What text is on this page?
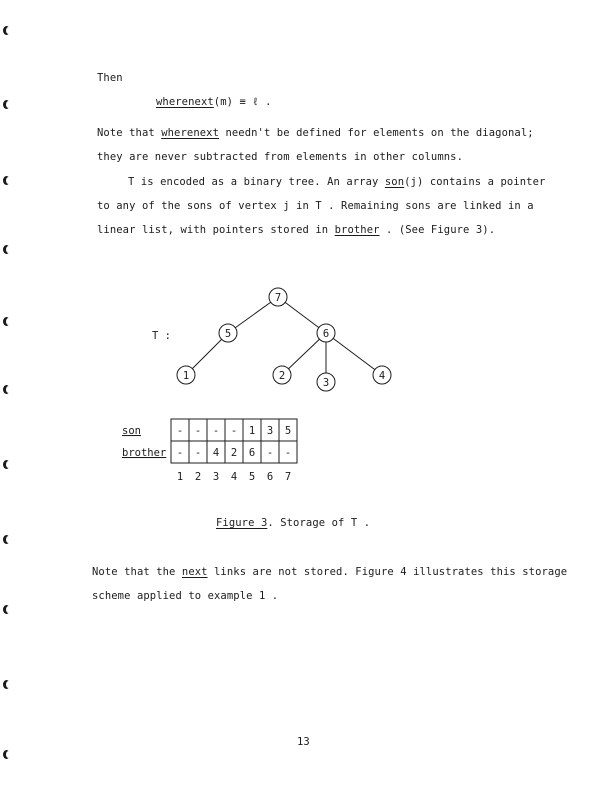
Then
wherenext(m) ≡ ℓ .
Note that wherenext needn't be defined for elements on the diagonal;
they are never subtracted from elements in other columns.
T is encoded as a binary tree. An array son(j) contains a pointer
to any of the sons of vertex j in T . Remaining sons are linked in a
linear list, with pointers stored in brother . (See Figure 3).
7
5	6
1	2
3
4
T :
- - - - 1 3 5
- - 4 2 6 - -
1 2 3 4 5 6 7
son
brother
Figure 3. Storage of T .
Note that the next links are not stored. Figure 4 illustrates this storage
scheme applied to example 1 .
13
